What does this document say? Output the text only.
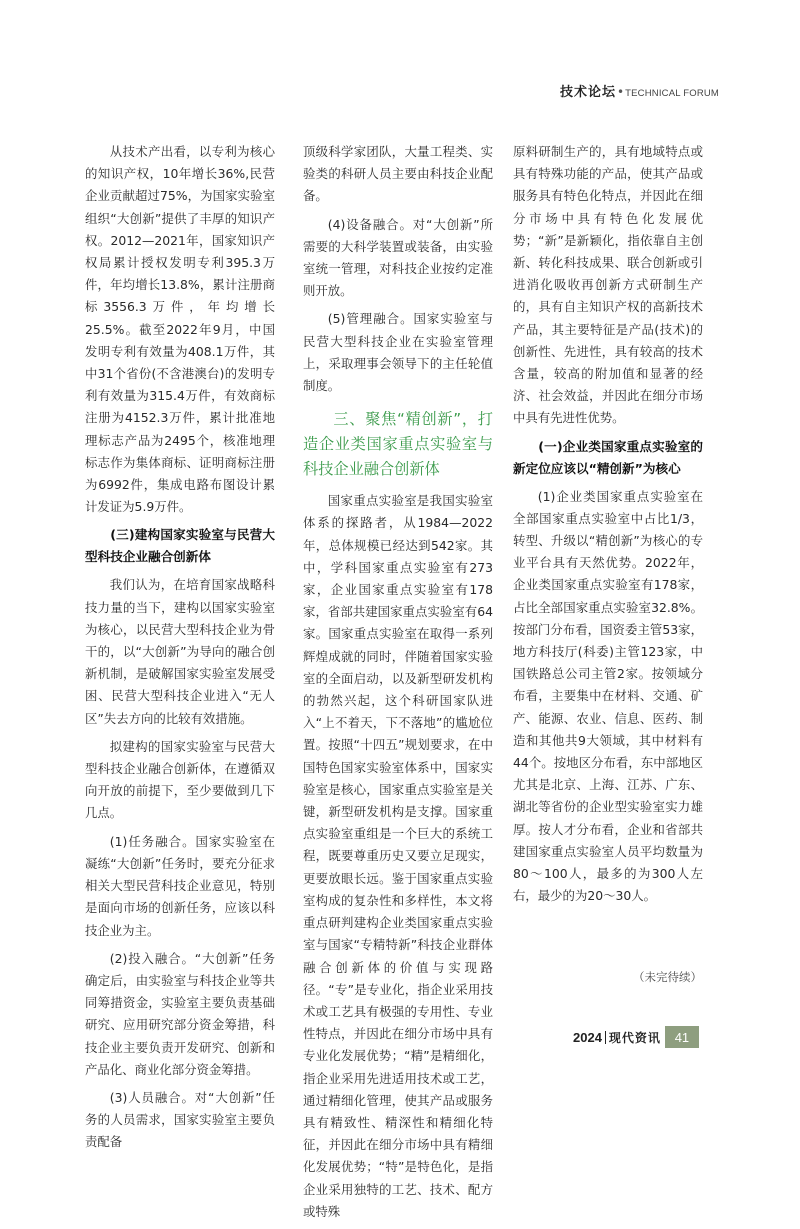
技术论坛•TECHNICAL FORUM

从技术产出看，以专利为核心的知识产权，10年增长36%,民营企业贡献超过75%，为国家实验室组织“大创新”提供了丰厚的知识产权。2012—2021年，国家知识产权局累计授权发明专利395.3万件，年均增长13.8%，累计注册商标3556.3万件，年均增长25.5%。截至2022年9月，中国发明专利有效量为408.1万件，其中31个省份(不含港澳台)的发明专利有效量为315.4万件，有效商标注册为4152.3万件，累计批准地理标志产品为2495个，核准地理标志作为集体商标、证明商标注册为6992件，集成电路布图设计累计发证为5.9万件。

(三)建构国家实验室与民营大型科技企业融合创新体

我们认为，在培育国家战略科技力量的当下，建构以国家实验室为核心，以民营大型科技企业为骨干的，以“大创新”为导向的融合创新机制，是破解国家实验室发展受困、民营大型科技企业进入“无人区”失去方向的比较有效措施。

拟建构的国家实验室与民营大型科技企业融合创新体，在遵循双向开放的前提下，至少要做到几下几点。

(1)任务融合。国家实验室在凝练“大创新”任务时，要充分征求相关大型民营科技企业意见，特别是面向市场的创新任务，应该以科技企业为主。

(2)投入融合。“大创新”任务确定后，由实验室与科技企业等共同筹措资金，实验室主要负责基础研究、应用研究部分资金筹措，科技企业主要负责开发研究、创新和产品化、商业化部分资金筹措。

(3)人员融合。对“大创新”任务的人员需求，国家实验室主要负责配备

顶级科学家团队，大量工程类、实验类的科研人员主要由科技企业配备。

(4)设备融合。对“大创新”所需要的大科学装置或装备，由实验室统一管理，对科技企业按约定准则开放。

(5)管理融合。国家实验室与民营大型科技企业在实验室管理上，采取理事会领导下的主任轮值制度。

三、聚焦“精创新”，打造企业类国家重点实验室与科技企业融合创新体

国家重点实验室是我国实验室体系的探路者，从1984—2022年，总体规模已经达到542家。其中，学科国家重点实验室有273家，企业国家重点实验室有178家，省部共建国家重点实验室有64家。国家重点实验室在取得一系列辉煌成就的同时，伴随着国家实验室的全面启动，以及新型研发机构的勃然兴起，这个科研国家队进入“上不着天，下不落地”的尴尬位置。按照“十四五”规划要求，在中国特色国家实验室体系中，国家实验室是核心，国家重点实验室是关键，新型研发机构是支撑。国家重点实验室重组是一个巨大的系统工程，既要尊重历史又要立足现实，更要放眼长远。鉴于国家重点实验室构成的复杂性和多样性，本文将重点研判建构企业类国家重点实验室与国家“专精特新”科技企业群体融合创新体的价值与实现路径。“专”是专业化，指企业采用技术或工艺具有极强的专用性、专业性特点，并因此在细分市场中具有专业化发展优势；“精”是精细化，指企业采用先进适用技术或工艺，通过精细化管理，使其产品或服务具有精致性、精深性和精细化特征，并因此在细分市场中具有精细化发展优势；“特”是特色化，是指企业采用独特的工艺、技术、配方或特殊

原料研制生产的，具有地域特点或具有特殊功能的产品，使其产品或服务具有特色化特点，并因此在细分市场中具有特色化发展优势；“新”是新颖化，指依靠自主创新、转化科技成果、联合创新或引进消化吸收再创新方式研制生产的，具有自主知识产权的高新技术产品，其主要特征是产品(技术)的创新性、先进性，具有较高的技术含量，较高的附加值和显著的经济、社会效益，并因此在细分市场中具有先进性优势。

(一)企业类国家重点实验室的新定位应该以“精创新”为核心

(1)企业类国家重点实验室在全部国家重点实验室中占比1/3，转型、升级以“精创新”为核心的专业平台具有天然优势。2022年，企业类国家重点实验室有178家，占比全部国家重点实验室32.8%。按部门分布看，国资委主管53家，地方科技厅(科委)主管123家，中国铁路总公司主管2家。按领域分布看，主要集中在材料、交通、矿产、能源、农业、信息、医药、制造和其他共9大领域，其中材料有44个。按地区分布看，东中部地区尤其是北京、上海、江苏、广东、湖北等省份的企业型实验室实力雄厚。按人才分布看，企业和省部共建国家重点实验室人员平均数量为80～100人，最多的为300人左右，最少的为20～30人。

（未完待续）
2024 现代资讯	41
